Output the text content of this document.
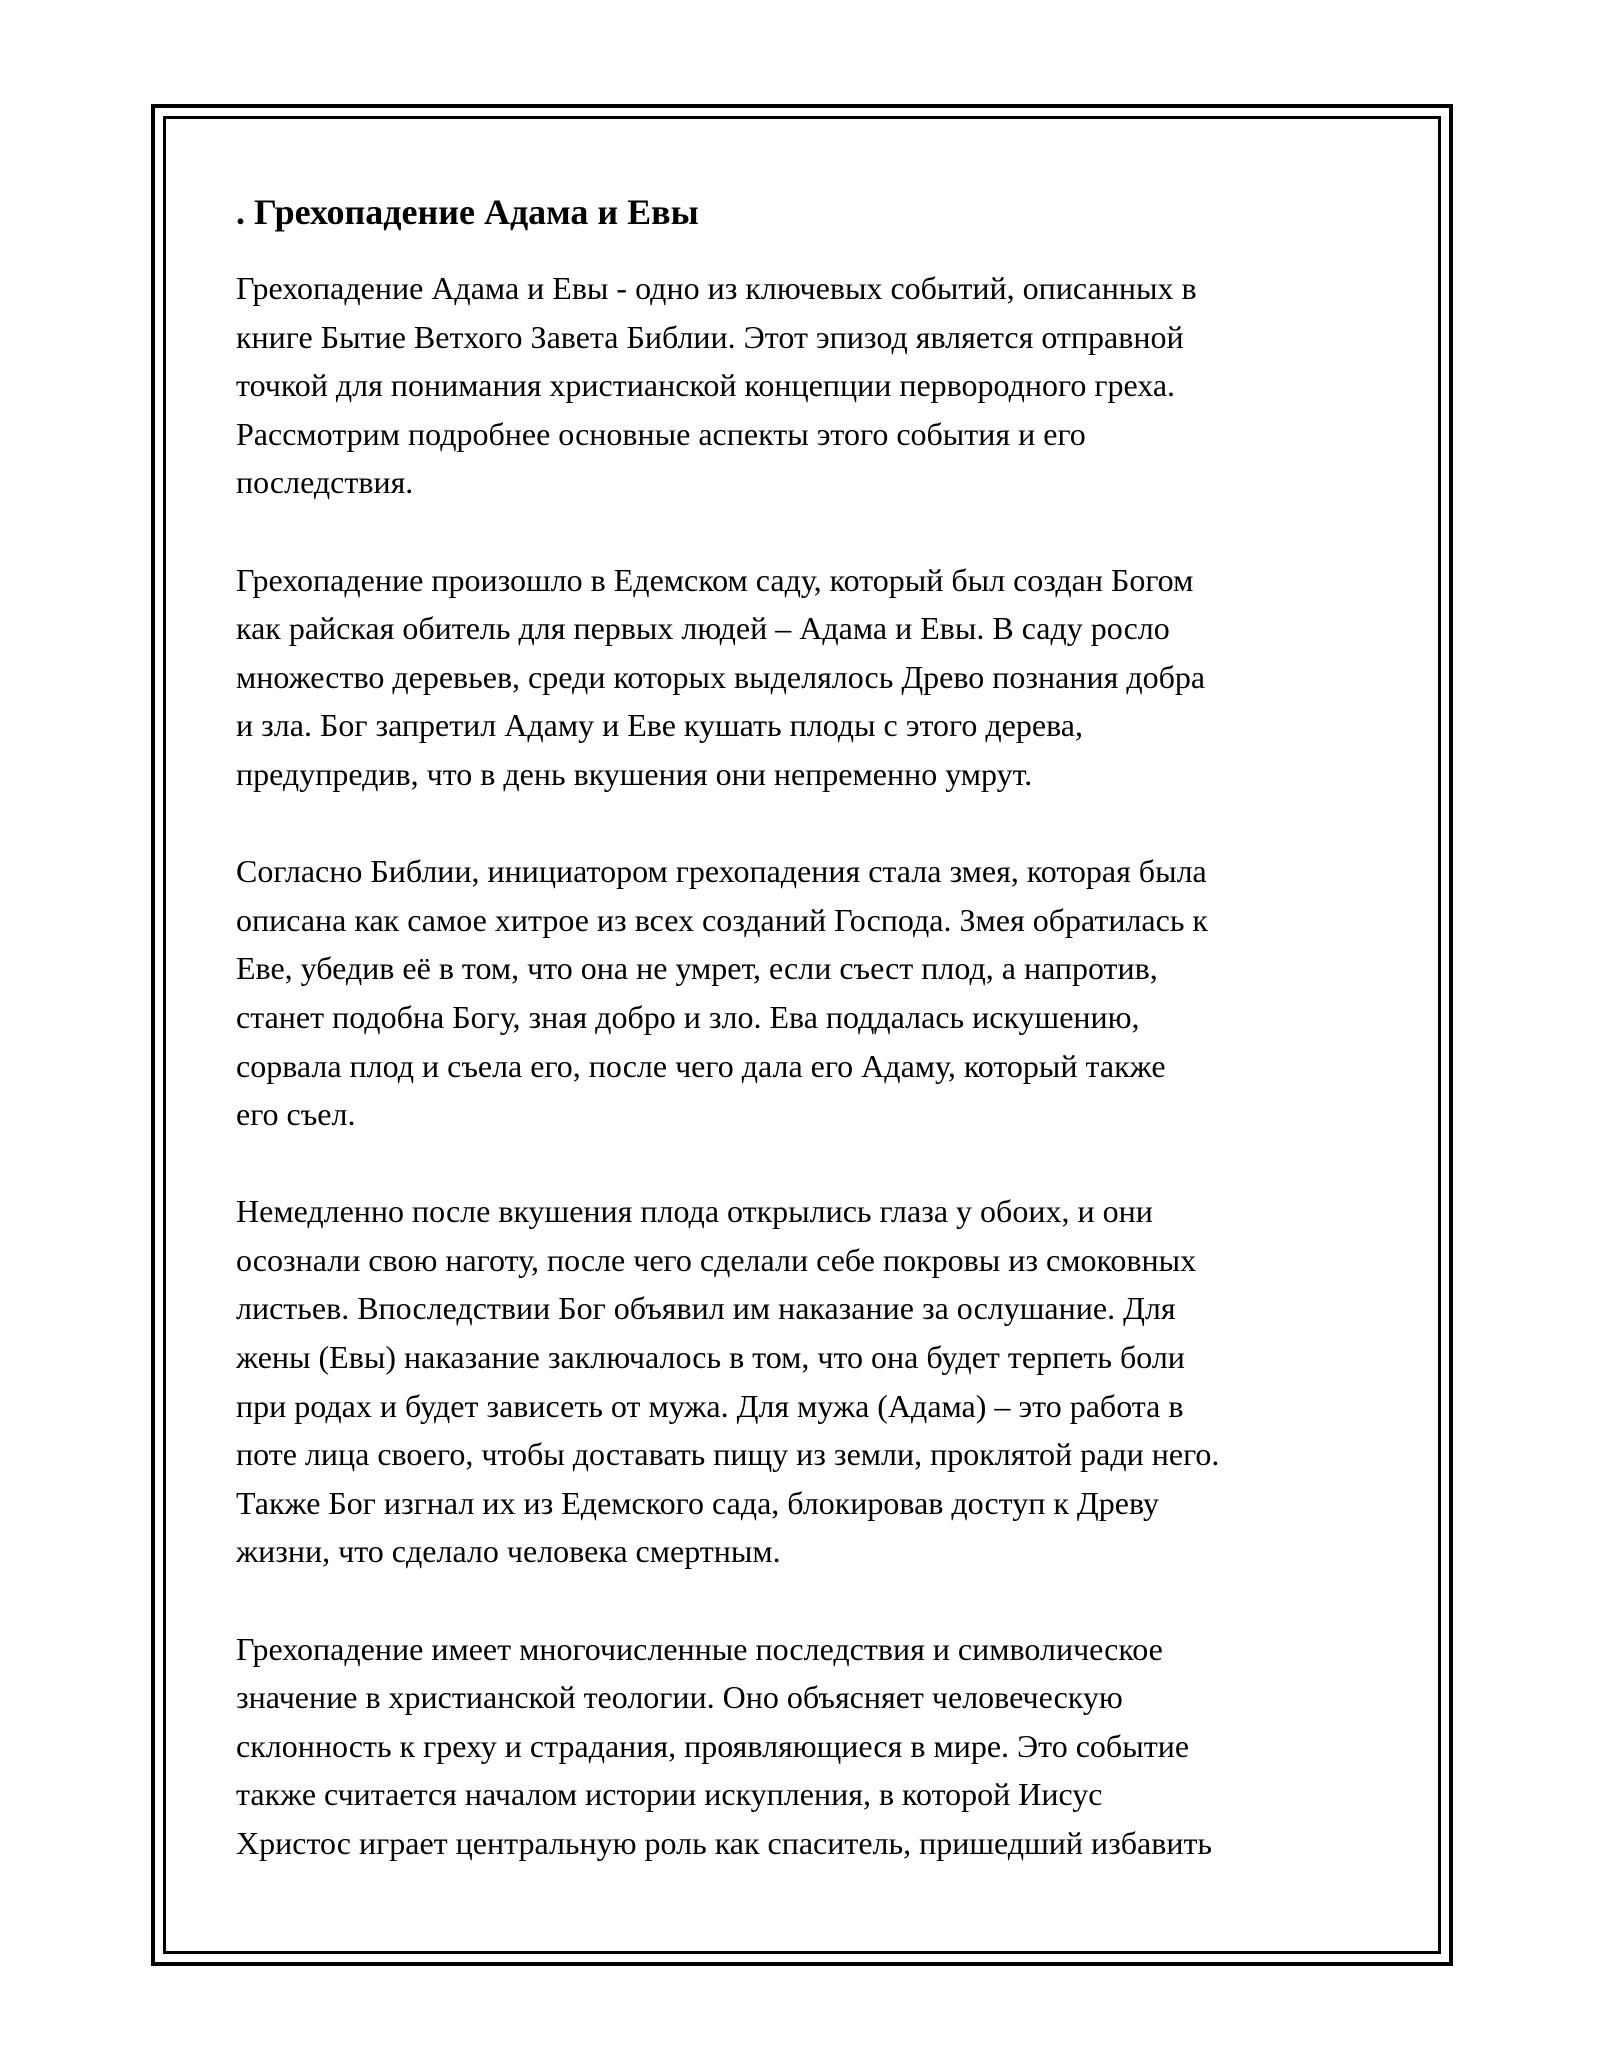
. Грехопадение Адама и Евы
Грехопадение Адама и Евы - одно из ключевых событий, описанных в
книге Бытие Ветхого Завета Библии. Этот эпизод является отправной
точкой для понимания христианской концепции первородного греха.
Рассмотрим подробнее основные аспекты этого события и его
последствия.
Грехопадение произошло в Едемском саду, который был создан Богом
как райская обитель для первых людей – Адама и Евы. В саду росло
множество деревьев, среди которых выделялось Древо познания добра
и зла. Бог запретил Адаму и Еве кушать плоды с этого дерева,
предупредив, что в день вкушения они непременно умрут.
Согласно Библии, инициатором грехопадения стала змея, которая была
описана как самое хитрое из всех созданий Господа. Змея обратилась к
Еве, убедив её в том, что она не умрет, если съест плод, а напротив,
станет подобна Богу, зная добро и зло. Ева поддалась искушению,
сорвала плод и съела его, после чего дала его Адаму, который также
его съел.
Немедленно после вкушения плода открылись глаза у обоих, и они
осознали свою наготу, после чего сделали себе покровы из смоковных
листьев. Впоследствии Бог объявил им наказание за ослушание. Для
жены (Евы) наказание заключалось в том, что она будет терпеть боли
при родах и будет зависеть от мужа. Для мужа (Адама) – это работа в
поте лица своего, чтобы доставать пищу из земли, проклятой ради него.
Также Бог изгнал их из Едемского сада, блокировав доступ к Древу
жизни, что сделало человека смертным.
Грехопадение имеет многочисленные последствия и символическое
значение в христианской теологии. Оно объясняет человеческую
склонность к греху и страдания, проявляющиеся в мире. Это событие
также считается началом истории искупления, в которой Иисус
Христос играет центральную роль как спаситель, пришедший избавить
